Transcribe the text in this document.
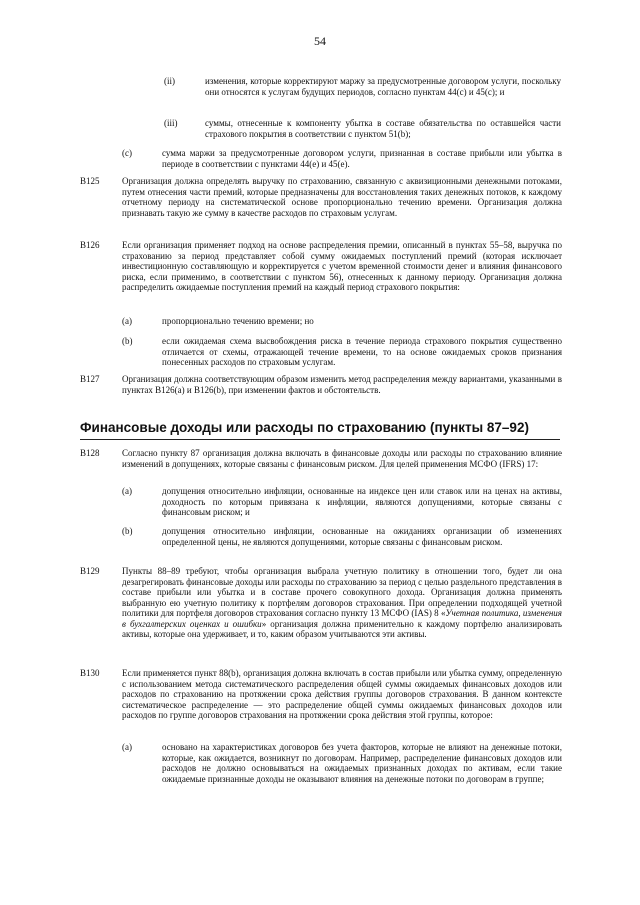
54
(ii)	изменения, которые корректируют маржу за предусмотренные договором услуги, поскольку они относятся к услугам будущих периодов, согласно пунктам 44(c) и 45(c); и
(iii)	суммы, отнесенные к компоненту убытка в составе обязательства по оставшейся части страхового покрытия в соответствии с пунктом 51(b);
(c)	сумма маржи за предусмотренные договором услуги, признанная в составе прибыли или убытка в периоде в соответствии с пунктами 44(e) и 45(e).
B125 Организация должна определять выручку по страхованию, связанную с аквизиционными денежными потоками, путем отнесения части премий, которые предназначены для восстановления таких денежных потоков, к каждому отчетному периоду на систематической основе пропорционально течению времени. Организация должна признавать такую же сумму в качестве расходов по страховым услугам.
B126 Если организация применяет подход на основе распределения премии, описанный в пунктах 55–58, выручка по страхованию за период представляет собой сумму ожидаемых поступлений премий (которая исключает инвестиционную составляющую и корректируется с учетом временной стоимости денег и влияния финансового риска, если применимо, в соответствии с пунктом 56), отнесенных к данному периоду. Организация должна распределить ожидаемые поступления премий на каждый период страхового покрытия:
(a)	пропорционально течению времени; но
(b)	если ожидаемая схема высвобождения риска в течение периода страхового покрытия существенно отличается от схемы, отражающей течение времени, то на основе ожидаемых сроков признания понесенных расходов по страховым услугам.
B127 Организация должна соответствующим образом изменить метод распределения между вариантами, указанными в пунктах B126(a) и B126(b), при изменении фактов и обстоятельств.
Финансовые доходы или расходы по страхованию (пункты 87–92)
B128 Согласно пункту 87 организация должна включать в финансовые доходы или расходы по страхованию влияние изменений в допущениях, которые связаны с финансовым риском. Для целей применения МСФО (IFRS) 17:
(a)	допущения относительно инфляции, основанные на индексе цен или ставок или на ценах на активы, доходность по которым привязана к инфляции, являются допущениями, которые связаны с финансовым риском; и
(b)	допущения относительно инфляции, основанные на ожиданиях организации об изменениях определенной цены, не являются допущениями, которые связаны с финансовым риском.
B129 Пункты 88–89 требуют, чтобы организация выбрала учетную политику в отношении того, будет ли она дезагрегировать финансовые доходы или расходы по страхованию за период с целью раздельного представления в составе прибыли или убытка и в составе прочего совокупного дохода. Организация должна применять выбранную ею учетную политику к портфелям договоров страхования. При определении подходящей учетной политики для портфеля договоров страхования согласно пункту 13 МСФО (IAS) 8 «Учетная политика, изменения в бухгалтерских оценках и ошибки» организация должна применительно к каждому портфелю анализировать активы, которые она удерживает, и то, каким образом учитываются эти активы.
B130 Если применяется пункт 88(b), организация должна включать в состав прибыли или убытка сумму, определенную с использованием метода систематического распределения общей суммы ожидаемых финансовых доходов или расходов по страхованию на протяжении срока действия группы договоров страхования. В данном контексте систематическое распределение — это распределение общей суммы ожидаемых финансовых доходов или расходов по группе договоров страхования на протяжении срока действия этой группы, которое:
(a)	основано на характеристиках договоров без учета факторов, которые не влияют на денежные потоки, которые, как ожидается, возникнут по договорам. Например, распределение финансовых доходов или расходов не должно основываться на ожидаемых признанных доходах по активам, если такие ожидаемые признанные доходы не оказывают влияния на денежные потоки по договорам в группе;
